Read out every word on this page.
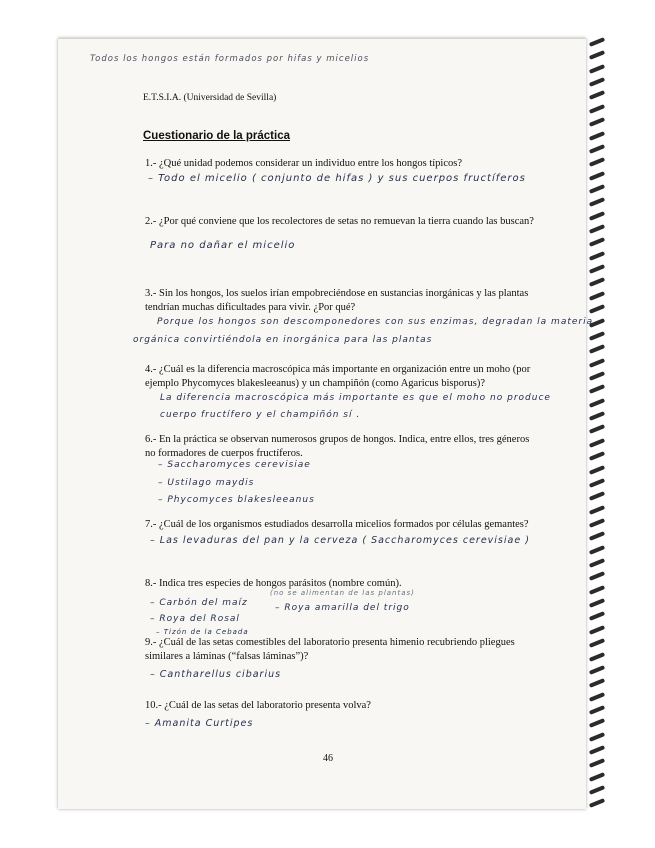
Todos los hongos están formados por hifas y micelios
E.T.S.I.A. (Universidad de Sevilla)
Cuestionario de la práctica
1.- ¿Qué unidad podemos considerar un individuo entre los hongos típicos?
– Todo el micelio ( conjunto de hifas ) y sus cuerpos fructíferos
2.- ¿Por qué conviene que los recolectores de setas no remuevan la tierra cuando las buscan?
Para no dañar el micelio
3.- Sin los hongos, los suelos irían empobreciéndose en sustancias inorgánicas y las plantas tendrían muchas dificultades para vivir. ¿Por qué?
Porque los hongos son descomponedores con sus enzimas, degradan la materia
orgánica convirtiéndola en inorgánica para las plantas
4.- ¿Cuál es la diferencia macroscópica más importante en organización entre un moho (por ejemplo Phycomyces blakesleeanus) y un champiñón (como Agaricus bisporus)?
La diferencia macroscópica más importante es que el moho no produce
cuerpo fructífero y el champiñón sí .
6.- En la práctica se observan numerosos grupos de hongos. Indica, entre ellos, tres géneros no formadores de cuerpos fructíferos.
– Saccharomyces cerevisiae
– Ustilago maydis
– Phycomyces blakesleeanus
7.- ¿Cuál de los organismos estudiados desarrolla micelios formados por células gemantes?
– Las levaduras del pan y la cerveza ( Saccharomyces cerevisiae )
8.- Indica tres especies de hongos parásitos (nombre común).
– Carbón del maíz
– Roya del Rosal
– Tizón de la Cebada
– Roya amarilla del trigo
(no se alimentan de las plantas)
9.- ¿Cuál de las setas comestibles del laboratorio presenta himenio recubriendo pliegues similares a láminas (“falsas láminas”)?
– Cantharellus cibarius
10.- ¿Cuál de las setas del laboratorio presenta volva?
– Amanita Curtipes
46
